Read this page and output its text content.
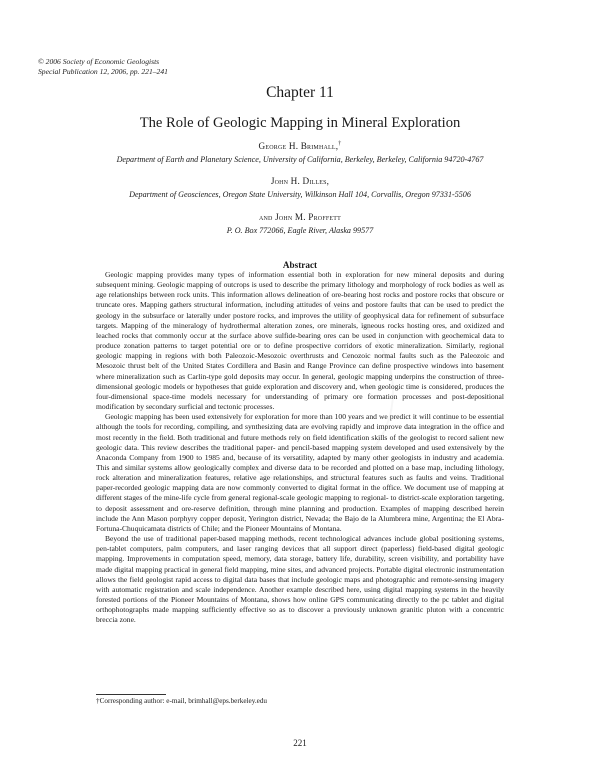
© 2006 Society of Economic Geologists
Special Publication 12, 2006, pp. 221–241
Chapter 11
The Role of Geologic Mapping in Mineral Exploration
George H. Brimhall,†
Department of Earth and Planetary Science, University of California, Berkeley, Berkeley, California 94720-4767
John H. Dilles,
Department of Geosciences, Oregon State University, Wilkinson Hall 104, Corvallis, Oregon 97331-5506
and John M. Proffett
P. O. Box 772066, Eagle River, Alaska 99577
Abstract

Geologic mapping provides many types of information essential both in exploration for new mineral deposits and during subsequent mining. Geologic mapping of outcrops is used to describe the primary lithology and morphology of rock bodies as well as age relationships between rock units. This information allows delineation of ore-bearing host rocks and postore rocks that obscure or truncate ores. Mapping gathers structural information, including attitudes of veins and postore faults that can be used to predict the geology in the subsurface or laterally under postore rocks, and improves the utility of geophysical data for refinement of subsurface targets. Mapping of the mineralogy of hydrothermal alteration zones, ore minerals, igneous rocks hosting ores, and oxidized and leached rocks that commonly occur at the surface above sulfide-bearing ores can be used in conjunction with geochemical data to produce zonation patterns to target potential ore or to define prospective corridors of exotic mineralization. Similarly, regional geologic mapping in regions with both Paleozoic-Mesozoic overthrusts and Cenozoic normal faults such as the Paleozoic and Mesozoic thrust belt of the United States Cordillera and Basin and Range Province can define prospective windows into basement where mineralization such as Carlin-type gold deposits may occur. In general, geologic mapping underpins the construction of three-dimensional geologic models or hypotheses that guide exploration and discovery and, when geologic time is considered, produces the four-dimensional space-time models necessary for understanding of primary ore formation processes and post-depositional modification by secondary surficial and tectonic processes.

Geologic mapping has been used extensively for exploration for more than 100 years and we predict it will continue to be essential although the tools for recording, compiling, and synthesizing data are evolving rapidly and improve data integration in the office and most recently in the field. Both traditional and future methods rely on field identification skills of the geologist to record salient new geologic data. This review describes the traditional paper- and pencil-based mapping system developed and used extensively by the Anaconda Company from 1900 to 1985 and, because of its versatility, adapted by many other geologists in industry and academia. This and similar systems allow geologically complex and diverse data to be recorded and plotted on a base map, including lithology, rock alteration and mineralization features, relative age relationships, and structural features such as faults and veins. Traditional paper-recorded geologic mapping data are now commonly converted to digital format in the office. We document use of mapping at different stages of the mine-life cycle from general regional-scale geologic mapping to regional- to district-scale exploration targeting, to deposit assessment and ore-reserve definition, through mine planning and production. Examples of mapping described herein include the Ann Mason porphyry copper deposit, Yerington district, Nevada; the Bajo de la Alumbrera mine, Argentina; the El Abra-Fortuna-Chuquicamata districts of Chile; and the Pioneer Mountains of Montana.

Beyond the use of traditional paper-based mapping methods, recent technological advances include global positioning systems, pen-tablet computers, palm computers, and laser ranging devices that all support direct (paperless) field-based digital geologic mapping. Improvements in computation speed, memory, data storage, battery life, durability, screen visibility, and portability have made digital mapping practical in general field mapping, mine sites, and advanced projects. Portable digital electronic instrumentation allows the field geologist rapid access to digital data bases that include geologic maps and photographic and remote-sensing imagery with automatic registration and scale independence. Another example described here, using digital mapping systems in the heavily forested portions of the Pioneer Mountains of Montana, shows how online GPS communicating directly to the pc tablet and digital orthophotographs made mapping sufficiently effective so as to discover a previously unknown granitic pluton with a concentric breccia zone.

†Corresponding author: e-mail, brimhall@eps.berkeley.edu
221
